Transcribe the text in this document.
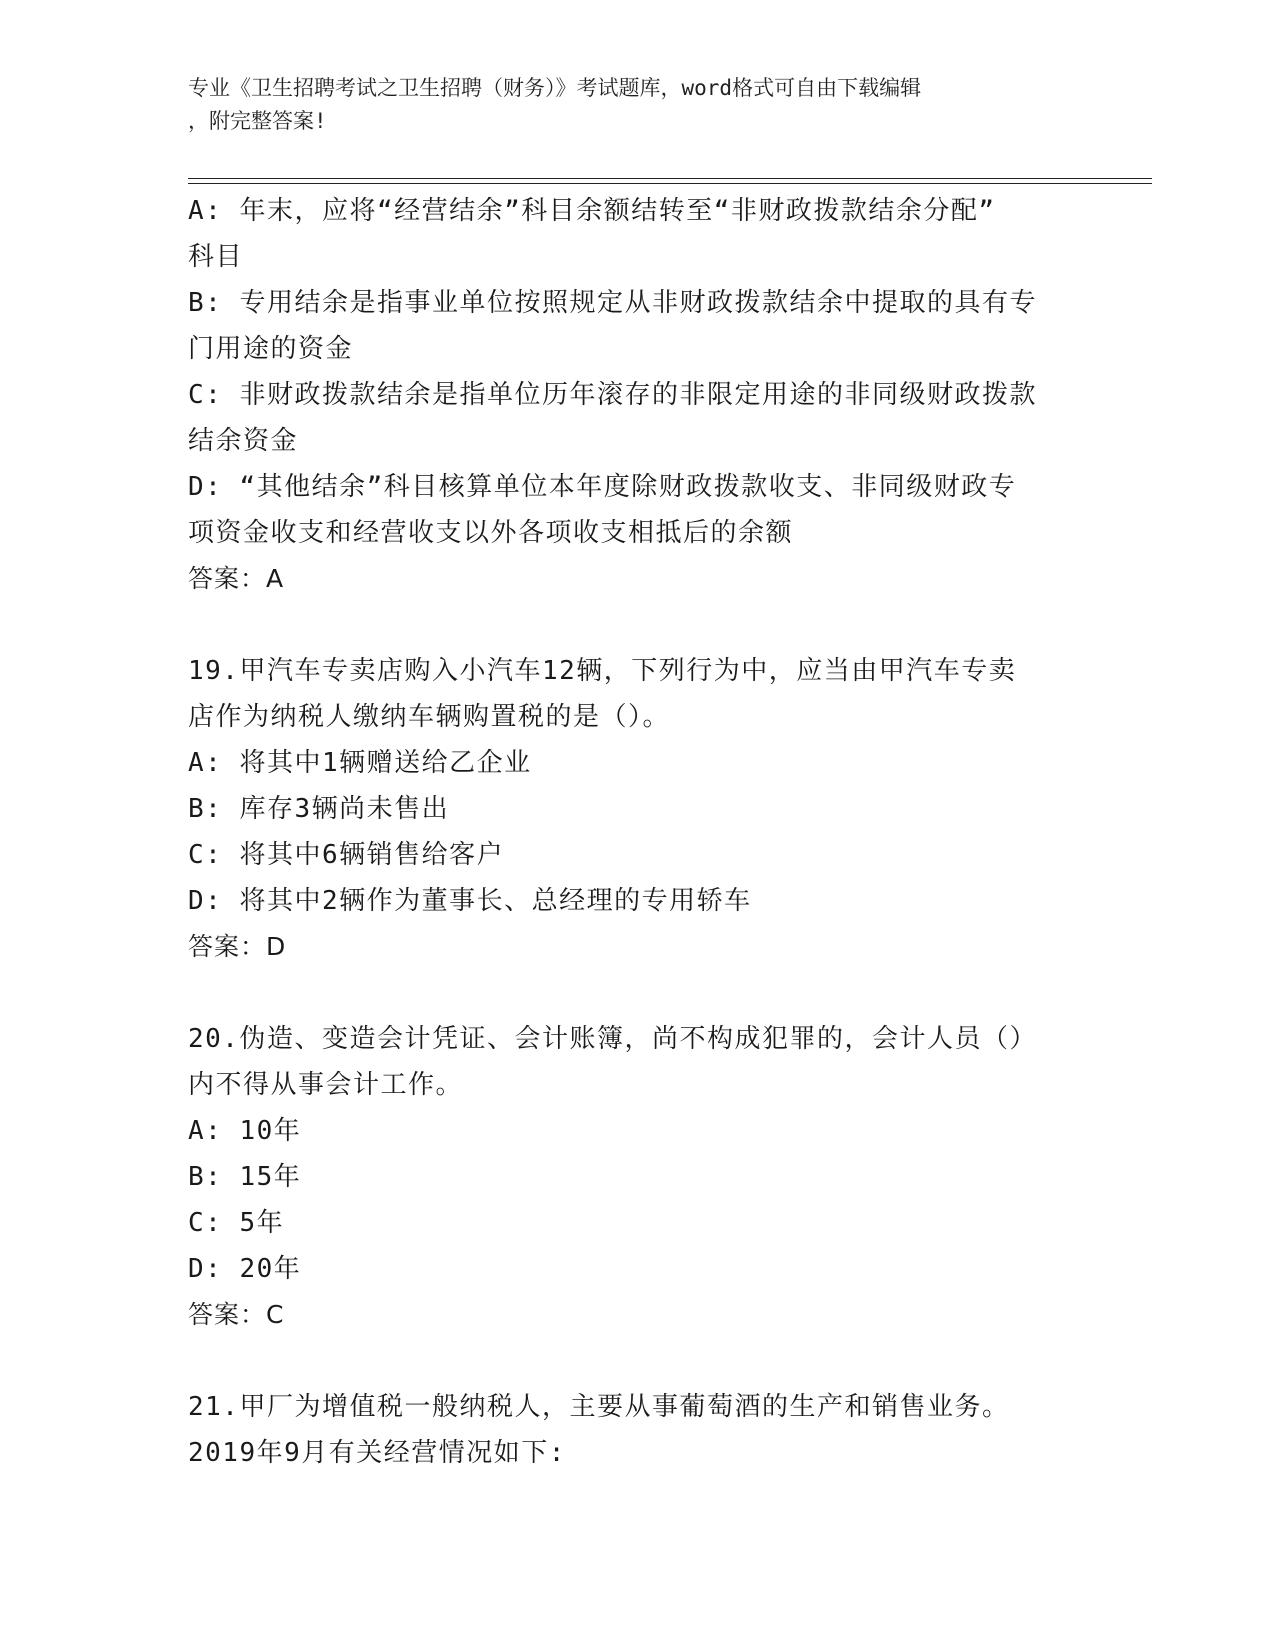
专业《卫生招聘考试之卫生招聘（财务）》考试题库，word格式可自由下载编辑
，附完整答案!
A: 年末，应将“经营结余”科目余额结转至“非财政拨款结余分配”
科目
B: 专用结余是指事业单位按照规定从非财政拨款结余中提取的具有专
门用途的资金
C: 非财政拨款结余是指单位历年滚存的非限定用途的非同级财政拨款
结余资金
D: “其他结余”科目核算单位本年度除财政拨款收支、非同级财政专
项资金收支和经营收支以外各项收支相抵后的余额
答案：A
19.甲汽车专卖店购入小汽车12辆，下列行为中，应当由甲汽车专卖
店作为纳税人缴纳车辆购置税的是（）。
A: 将其中1辆赠送给乙企业
B: 库存3辆尚未售出
C: 将其中6辆销售给客户
D: 将其中2辆作为董事长、总经理的专用轿车
答案：D
20.伪造、变造会计凭证、会计账簿，尚不构成犯罪的，会计人员（）
内不得从事会计工作。
A: 10年
B: 15年
C: 5年
D: 20年
答案：C
21.甲厂为增值税一般纳税人，主要从事葡萄酒的生产和销售业务。
2019年9月有关经营情况如下:
